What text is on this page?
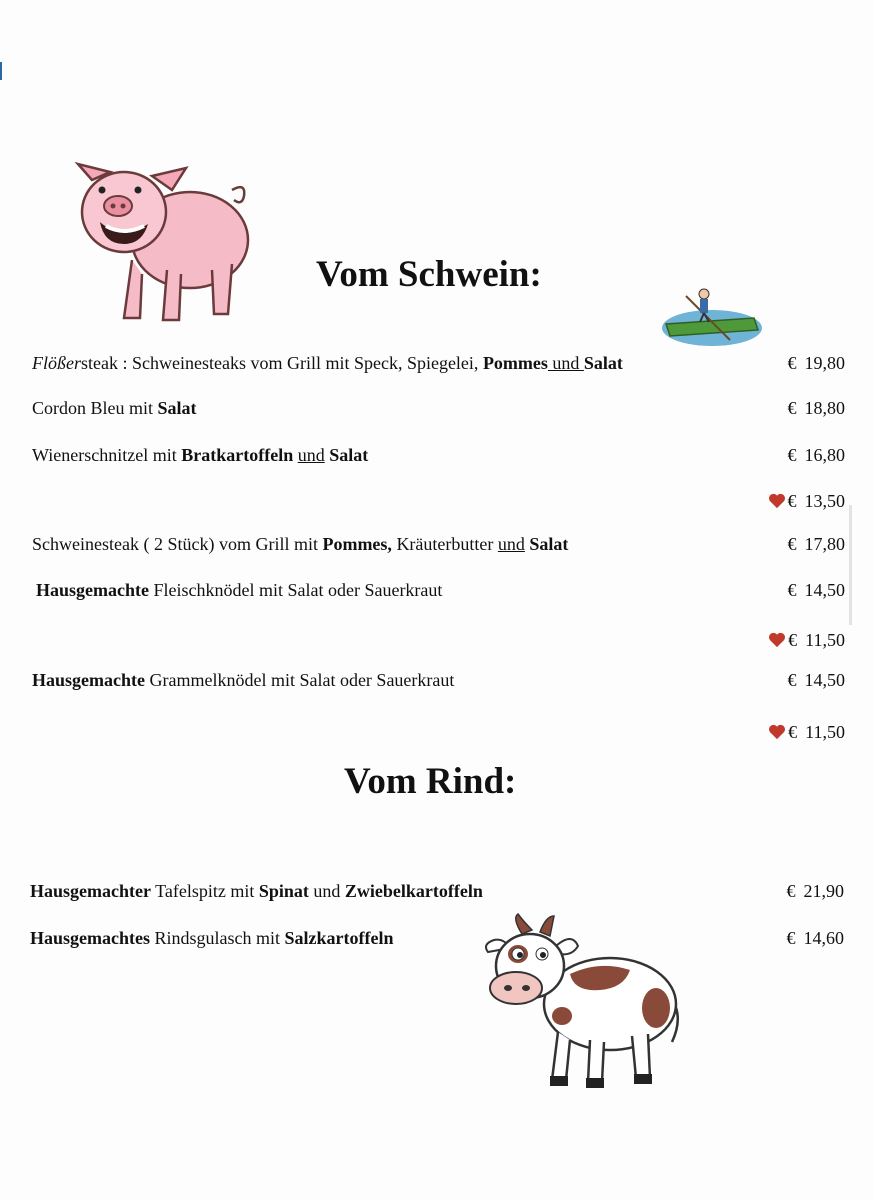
Vom Schwein:
Flößersteak : Schweinesteaks vom Grill mit Speck, Spiegelei, Pommes und Salat	€ 19,80
Cordon Bleu mit Salat	€ 18,80
Wienerschnitzel mit Bratkartoffeln und Salat	€ 16,80
€ 13,50
Schweinesteak ( 2 Stück) vom Grill mit Pommes, Kräuterbutter und Salat	€ 17,80
Hausgemachte Fleischknödel mit Salat oder Sauerkraut	€ 14,50
€ 11,50
Hausgemachte Grammelknödel mit Salat oder Sauerkraut	€ 14,50
€ 11,50
Vom Rind:
Hausgemachter Tafelspitz mit Spinat und Zwiebelkartoffeln	€ 21,90
Hausgemachtes Rindsgulasch mit Salzkartoffeln	€ 14,60
